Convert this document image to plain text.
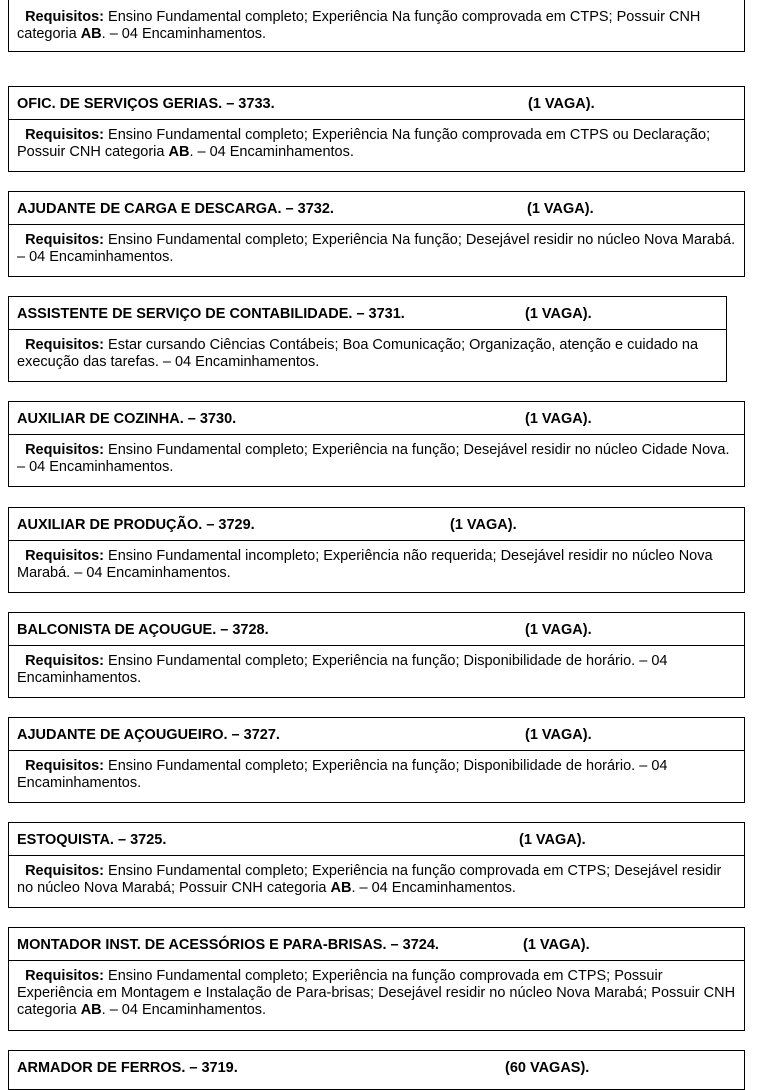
Requisitos: Ensino Fundamental completo; Experiência Na função comprovada em CTPS; Possuir CNH categoria AB. – 04 Encaminhamentos.
OFIC. DE SERVIÇOS GERIAS. – 3733.	(1 VAGA).
Requisitos: Ensino Fundamental completo; Experiência Na função comprovada em CTPS ou Declaração; Possuir CNH categoria AB. – 04 Encaminhamentos.
AJUDANTE DE CARGA E DESCARGA. – 3732.	(1 VAGA).
Requisitos: Ensino Fundamental completo; Experiência Na função; Desejável residir no núcleo Nova Marabá. – 04 Encaminhamentos.
ASSISTENTE DE SERVIÇO DE CONTABILIDADE. – 3731.	(1 VAGA).
Requisitos: Estar cursando Ciências Contábeis; Boa Comunicação; Organização, atenção e cuidado na execução das tarefas. – 04 Encaminhamentos.
AUXILIAR DE COZINHA. – 3730.	(1 VAGA).
Requisitos: Ensino Fundamental completo; Experiência na função; Desejável residir no núcleo Cidade Nova. – 04 Encaminhamentos.
AUXILIAR DE PRODUÇÃO. – 3729.	(1 VAGA).
Requisitos: Ensino Fundamental incompleto; Experiência não requerida; Desejável residir no núcleo Nova Marabá. – 04 Encaminhamentos.
BALCONISTA DE AÇOUGUE. – 3728.	(1 VAGA).
Requisitos: Ensino Fundamental completo; Experiência na função; Disponibilidade de horário. – 04 Encaminhamentos.
AJUDANTE DE AÇOUGUEIRO. – 3727.	(1 VAGA).
Requisitos: Ensino Fundamental completo; Experiência na função; Disponibilidade de horário. – 04 Encaminhamentos.
ESTOQUISTA. – 3725.	(1 VAGA).
Requisitos: Ensino Fundamental completo; Experiência na função comprovada em CTPS; Desejável residir no núcleo Nova Marabá; Possuir CNH categoria AB. – 04 Encaminhamentos.
MONTADOR INST. DE ACESSÓRIOS E PARA-BRISAS. – 3724.	(1 VAGA).
Requisitos: Ensino Fundamental completo; Experiência na função comprovada em CTPS; Possuir Experiência em Montagem e Instalação de Para-brisas; Desejável residir no núcleo Nova Marabá; Possuir CNH categoria AB. – 04 Encaminhamentos.
ARMADOR DE FERROS. – 3719.	(60 VAGAS).
